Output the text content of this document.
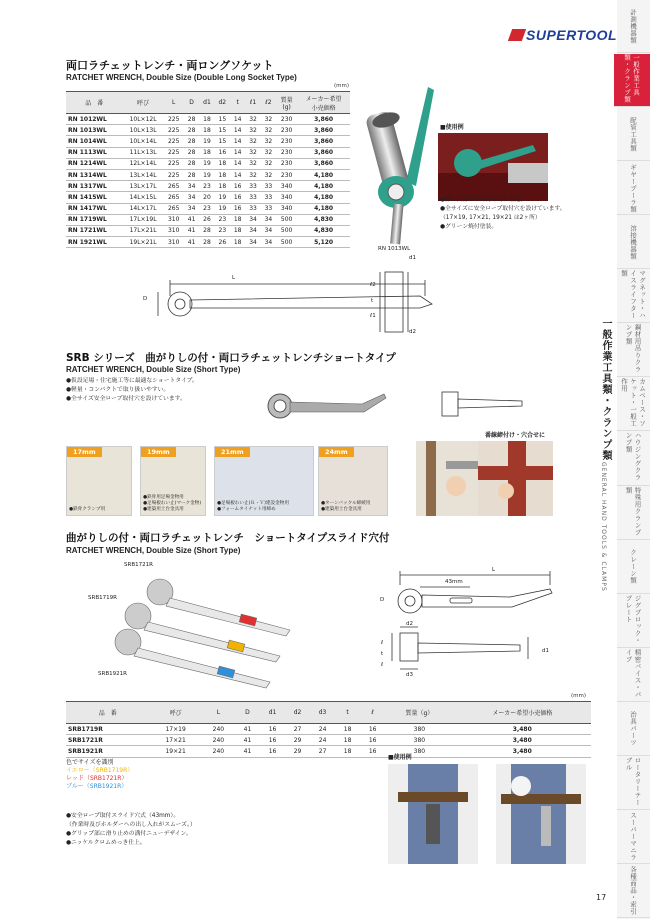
計測機器類
一般作業工具類・クランプ類
配管工具類
ギヤープーラ類
溶接機器類
マグネット・ハイスライフター類
鋼材用吊りクランプ類
カムベース・ソケット・一般工作用
ハウジングクランプ類
特殊用クランプ類
クレーン類
ジグプロック・プレート
精密バイス・パイプ
治具パーツ
ロータリーテーブル
スーパーマニラ
各種商品・索引
一般作業工具類・クランプ類
GENERAL HAND TOOLS & CLAMPS
17
SUPERTOOL
両口ラチェットレンチ・両ロングソケット
RATCHET WRENCH, Double Size (Double Long Socket Type)
(mm)
品　番	呼び	L	D	d1	d2	t	ℓ1	ℓ2	質量
(g)	メーカー希望
小売価格
RN 1012WL	10L×12L	225	28	18	15	14	32	32	230	3,860
RN 1013WL	10L×13L	225	28	18	15	14	32	32	230	3,860
RN 1014WL	10L×14L	225	28	19	15	14	32	32	230	3,860
RN 1113WL	11L×13L	225	28	18	16	14	32	32	230	3,860
RN 1214WL	12L×14L	225	28	19	18	14	32	32	230	3,860
RN 1314WL	13L×14L	225	28	19	18	14	32	32	230	4,180
RN 1317WL	13L×17L	265	34	23	18	16	33	33	340	4,180
RN 1415WL	14L×15L	265	34	20	19	16	33	33	340	4,180
RN 1417WL	14L×17L	265	34	23	19	16	33	33	340	4,180
RN 1719WL	17L×19L	310	41	26	23	18	34	34	500	4,830
RN 1721WL	17L×21L	310	41	28	23	18	34	34	500	4,830
RN 1921WL	19L×21L	310	41	28	26	18	34	34	500	5,120
RN 1013WL
■使用例
●深い凹部での締付け時に最適。
●全サイズに安全ロープ取付穴を設けています。
（17×19, 17×21, 19×21 は2ヶ所）
●グリーン焼付塗装。
L
D
d1
d2
ℓ2
t
ℓ1
SRB シリーズ　曲がりしの付・両口ラチェットレンチショートタイプ
RATCHET WRENCH, Double Size (Short Type)
●仮設足場・住宅施工等に最適なショートタイプ。
●軽量・コンパクトで取り扱いやすい。
●全サイズ安全ロープ取付穴を設けています。
17mm
●鉄骨クランプ用
19mm
●鉄骨用足場金物用
●足場板わい止(マーク金物)
●建築用土台金具用
21mm
●足場板わい止(Ｒ・Ｖ)建設金物用
●フォームタイナット用締め
24mm
●ターンバックル締緩用
●建築用土台金具用
番線締付け・穴合せに
曲がりしの付・両口ラチェットレンチ　ショートタイプスライド穴付
RATCHET WRENCH, Double Size (Short Type)
SRB1721R
SRB1719R
SRB1921R
L
43mm
D
d2
ℓ
t
ℓ
d1
d3
(mm)
品　番	呼び	L	D	d1	d2	d3	t	ℓ	質量（g）	メーカー希望小売価格
SRB1719R	17×19	240	41	16	27	24	18	16	380	3,480
SRB1721R	17×21	240	41	16	29	24	18	16	380	3,480
SRB1921R	19×21	240	41	16	29	27	18	16	380	3,480
色でサイズを識別
イエロー（SRB1719R）
レッド（SRB1721R）
ブルー（SRB1921R）
■使用例
●安全ロープ取付スライド穴式（43mm）。
（作業時及びホルダーへの出し入れがスムーズ。）
●グリップ部に滑り止めの溝付ニューデザイン。
●ニッケルクロムめっき仕上。
